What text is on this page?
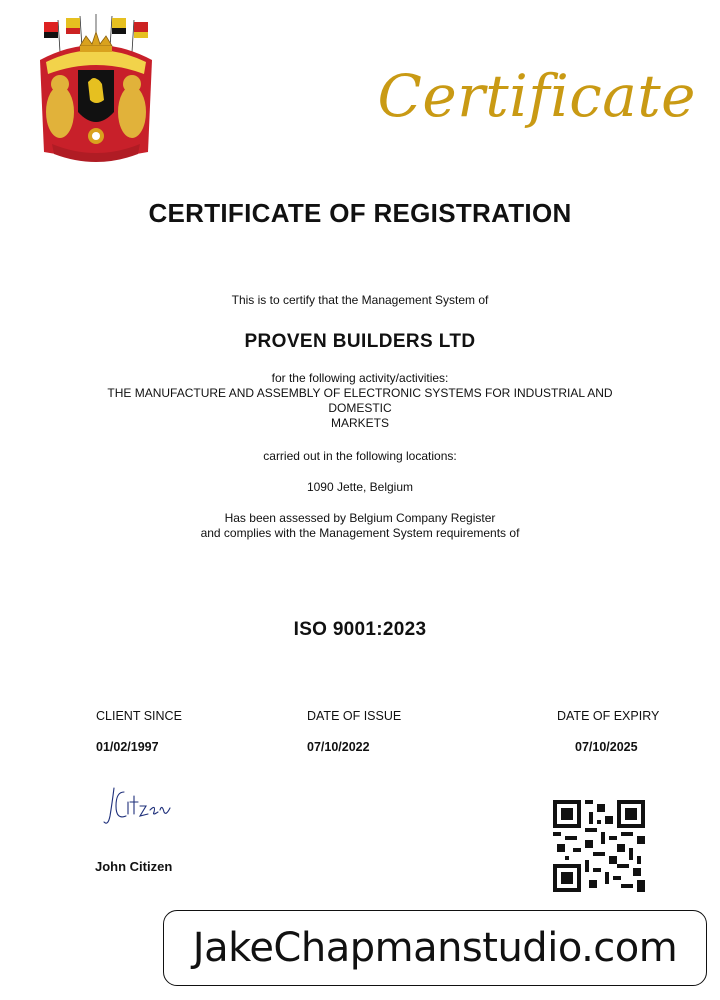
Certificate
CERTIFICATE OF REGISTRATION
This is to certify that the Management System of
PROVEN BUILDERS LTD
for the following activity/activities:
THE MANUFACTURE AND ASSEMBLY OF ELECTRONIC SYSTEMS FOR INDUSTRIAL AND
DOMESTIC
MARKETS
carried out in the following locations:
1090 Jette, Belgium
Has been assessed by Belgium Company Register
and complies with the Management System requirements of
ISO 9001:2023
CLIENT SINCE
01/02/1997
DATE OF ISSUE
07/10/2022
DATE OF EXPIRY
07/10/2025
John Citizen
JakeChapmanstudio.com
